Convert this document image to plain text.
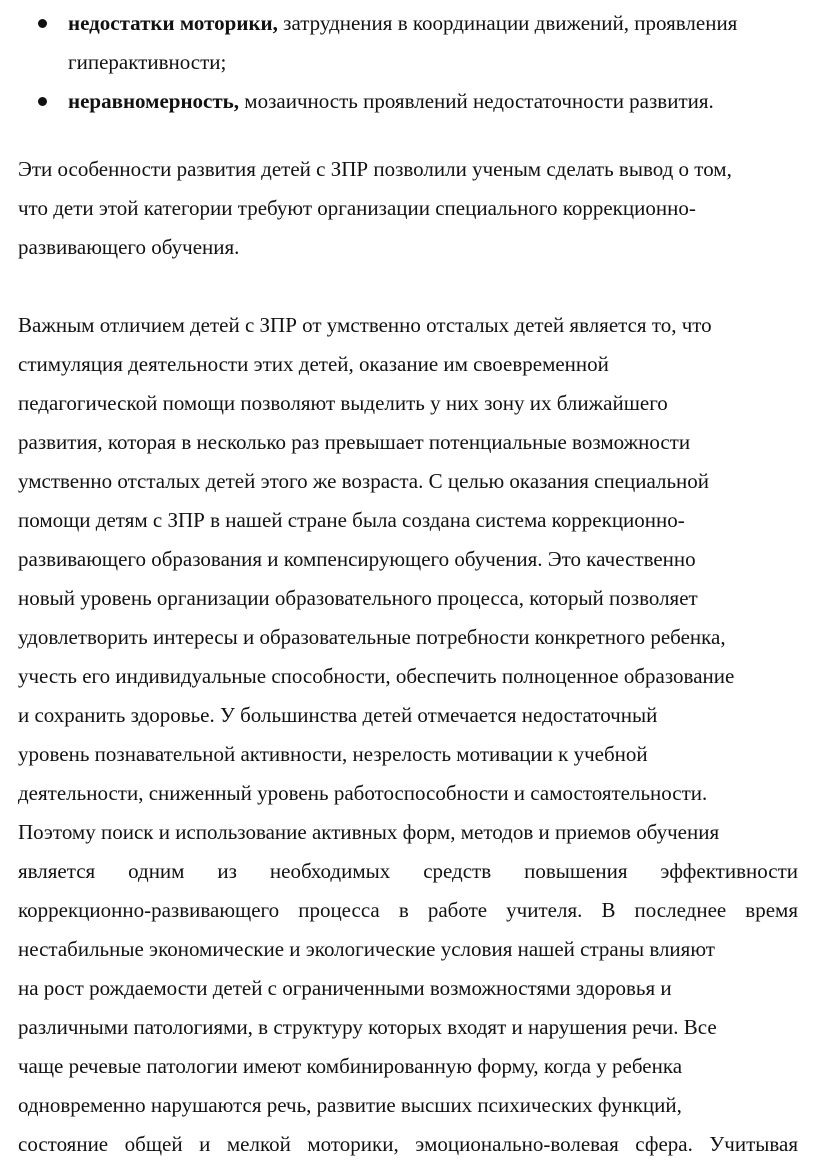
недостатки моторики, затруднения в координации движений, проявления
гиперактивности;
неравномерность, мозаичность проявлений недостаточности развития.
Эти особенности развития детей с ЗПР позволили ученым сделать вывод о том,
что дети этой категории требуют организации специального коррекционно-
развивающего обучения.
Важным отличием детей с ЗПР от умственно отсталых детей является то, что
стимуляция деятельности этих детей, оказание им своевременной
педагогической помощи позволяют выделить у них зону их ближайшего
развития, которая в несколько раз превышает потенциальные возможности
умственно отсталых детей этого же возраста. С целью оказания специальной
помощи детям с ЗПР в нашей стране была создана система коррекционно-
развивающего образования и компенсирующего обучения. Это качественно
новый уровень организации образовательного процесса, который позволяет
удовлетворить интересы и образовательные потребности конкретного ребенка,
учесть его индивидуальные способности, обеспечить полноценное образование
и сохранить здоровье. У большинства детей отмечается недостаточный
уровень познавательной активности, незрелость мотивации к учебной
деятельности, сниженный уровень работоспособности и самостоятельности.
Поэтому поиск и использование активных форм, методов и приемов обучения
является одним из необходимых средств повышения эффективности
коррекционно-развивающего процесса в работе учителя. В последнее время
нестабильные экономические и экологические условия нашей страны влияют
на рост рождаемости детей с ограниченными возможностями здоровья и
различными патологиями, в структуру которых входят и нарушения речи. Все
чаще речевые патологии имеют комбинированную форму, когда у ребенка
одновременно нарушаются речь, развитие высших психических функций,
состояние общей и мелкой моторики, эмоционально-волевая сфера. Учитывая
